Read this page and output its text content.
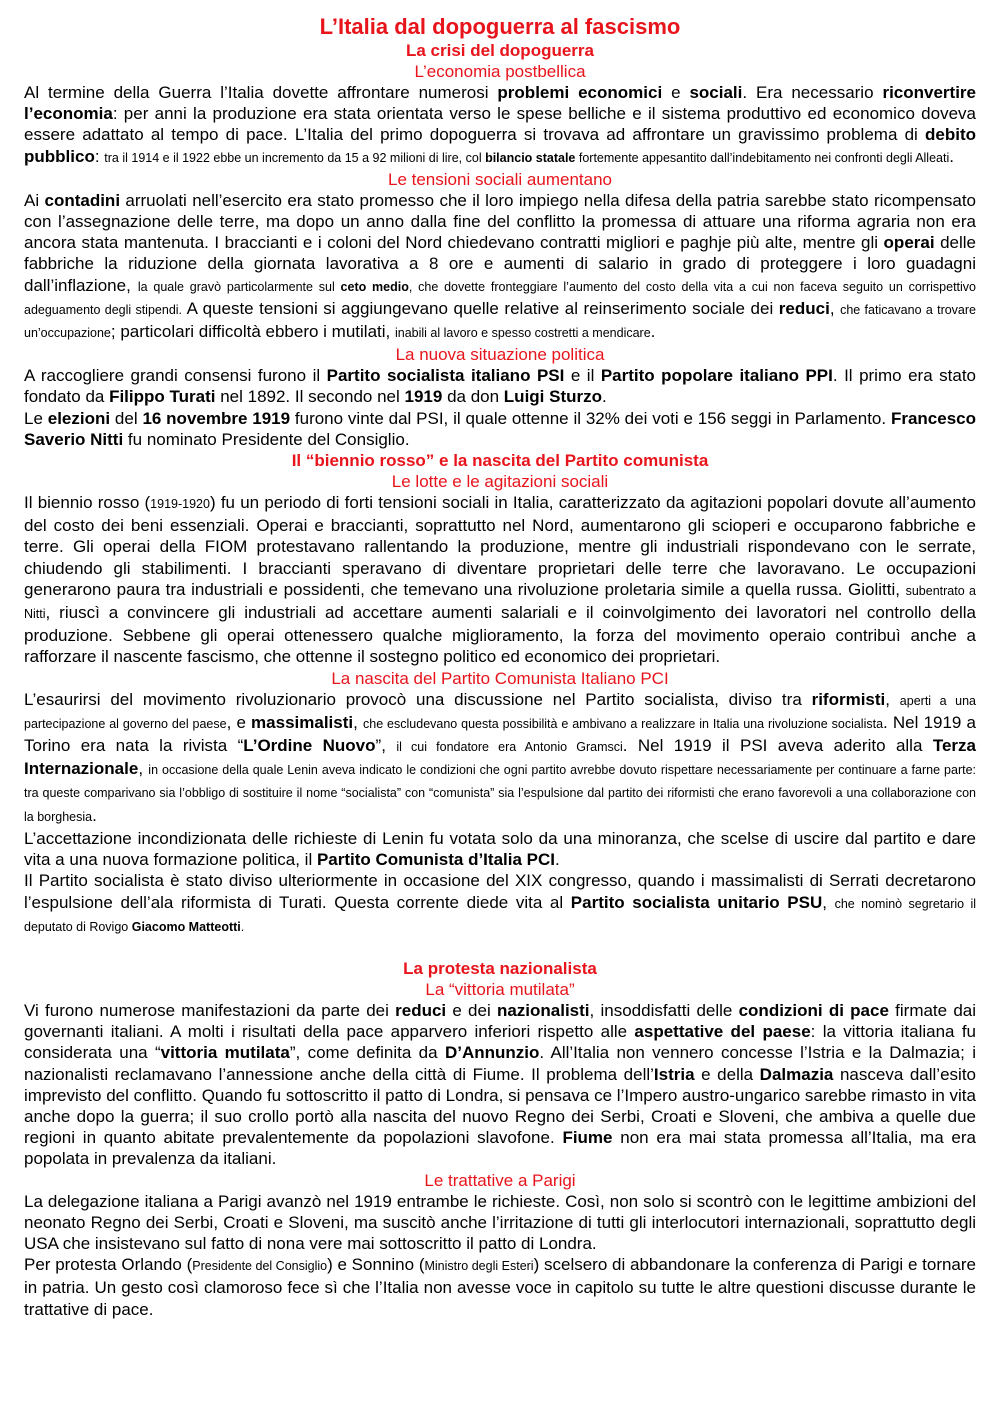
L’Italia dal dopoguerra al fascismo
La crisi del dopoguerra
L’economia postbellica

Al termine della Guerra l’Italia dovette affrontare numerosi problemi economici e sociali. Era necessario riconvertire l’economia: per anni la produzione era stata orientata verso le spese belliche e il sistema produttivo ed economico doveva essere adattato al tempo di pace. L’Italia del primo dopoguerra si trovava ad affrontare un gravissimo problema di debito pubblico: tra il 1914 e il 1922 ebbe un incremento da 15 a 92 milioni di lire, col bilancio statale fortemente appesantito dall’indebitamento nei confronti degli Alleati.

Le tensioni sociali aumentano

Ai contadini arruolati nell’esercito era stato promesso che il loro impiego nella difesa della patria sarebbe stato ricompensato con l’assegnazione delle terre, ma dopo un anno dalla fine del conflitto la promessa di attuare una riforma agraria non era ancora stata mantenuta. I braccianti e i coloni del Nord chiedevano contratti migliori e paghje più alte, mentre gli operai delle fabbriche la riduzione della giornata lavorativa a 8 ore e aumenti di salario in grado di proteggere i loro guadagni dall’inflazione, la quale gravò particolarmente sul ceto medio, che dovette fronteggiare l’aumento del costo della vita a cui non faceva seguito un corrispettivo adeguamento degli stipendi. A queste tensioni si aggiungevano quelle relative al reinserimento sociale dei reduci, che faticavano a trovare un’occupazione; particolari difficoltà ebbero i mutilati, inabili al lavoro e spesso costretti a mendicare.

La nuova situazione politica

A raccogliere grandi consensi furono il Partito socialista italiano PSI e il Partito popolare italiano PPI. Il primo era stato fondato da Filippo Turati nel 1892. Il secondo nel 1919 da don Luigi Sturzo.

Le elezioni del 16 novembre 1919 furono vinte dal PSI, il quale ottenne il 32% dei voti e 156 seggi in Parlamento. Francesco Saverio Nitti fu nominato Presidente del Consiglio.

Il “biennio rosso” e la nascita del Partito comunista
Le lotte e le agitazioni sociali

Il biennio rosso (1919-1920) fu un periodo di forti tensioni sociali in Italia, caratterizzato da agitazioni popolari dovute all’aumento del costo dei beni essenziali. Operai e braccianti, soprattutto nel Nord, aumentarono gli scioperi e occuparono fabbriche e terre. Gli operai della FIOM protestavano rallentando la produzione, mentre gli industriali rispondevano con le serrate, chiudendo gli stabilimenti. I braccianti speravano di diventare proprietari delle terre che lavoravano. Le occupazioni generarono paura tra industriali e possidenti, che temevano una rivoluzione proletaria simile a quella russa. Giolitti, subentrato a Nitti, riuscì a convincere gli industriali ad accettare aumenti salariali e il coinvolgimento dei lavoratori nel controllo della produzione. Sebbene gli operai ottenessero qualche miglioramento, la forza del movimento operaio contribuì anche a rafforzare il nascente fascismo, che ottenne il sostegno politico ed economico dei proprietari.

La nascita del Partito Comunista Italiano PCI

L’esaurirsi del movimento rivoluzionario provocò una discussione nel Partito socialista, diviso tra riformisti, aperti a una partecipazione al governo del paese, e massimalisti, che escludevano questa possibilità e ambivano a realizzare in Italia una rivoluzione socialista. Nel 1919 a Torino era nata la rivista “L’Ordine Nuovo”, il cui fondatore era Antonio Gramsci. Nel 1919 il PSI aveva aderito alla Terza Internazionale, in occasione della quale Lenin aveva indicato le condizioni che ogni partito avrebbe dovuto rispettare necessariamente per continuare a farne parte: tra queste comparivano sia l’obbligo di sostituire il nome “socialista” con “comunista” sia l’espulsione dal partito dei riformisti che erano favorevoli a una collaborazione con la borghesia.

L’accettazione incondizionata delle richieste di Lenin fu votata solo da una minoranza, che scelse di uscire dal partito e dare vita a una nuova formazione politica, il Partito Comunista d’Italia PCI.

Il Partito socialista è stato diviso ulteriormente in occasione del XIX congresso, quando i massimalisti di Serrati decretarono l’espulsione dell’ala riformista di Turati. Questa corrente diede vita al Partito socialista unitario PSU, che nominò segretario il deputato di Rovigo Giacomo Matteotti.

La protesta nazionalista
La “vittoria mutilata”

Vi furono numerose manifestazioni da parte dei reduci e dei nazionalisti, insoddisfatti delle condizioni di pace firmate dai governanti italiani. A molti i risultati della pace apparvero inferiori rispetto alle aspettative del paese: la vittoria italiana fu considerata una “vittoria mutilata”, come definita da D’Annunzio. All’Italia non vennero concesse l’Istria e la Dalmazia; i nazionalisti reclamavano l’annessione anche della città di Fiume. Il problema dell’Istria e della Dalmazia nasceva dall’esito imprevisto del conflitto. Quando fu sottoscritto il patto di Londra, si pensava ce l’Impero austro-ungarico sarebbe rimasto in vita anche dopo la guerra; il suo crollo portò alla nascita del nuovo Regno dei Serbi, Croati e Sloveni, che ambiva a quelle due regioni in quanto abitate prevalentemente da popolazioni slavofone. Fiume non era mai stata promessa all’Italia, ma era popolata in prevalenza da italiani.

Le trattative a Parigi

La delegazione italiana a Parigi avanzò nel 1919 entrambe le richieste. Così, non solo si scontrò con le legittime ambizioni del neonato Regno dei Serbi, Croati e Sloveni, ma suscitò anche l’irritazione di tutti gli interlocutori internazionali, soprattutto degli USA che insistevano sul fatto di nona vere mai sottoscritto il patto di Londra.

Per protesta Orlando (Presidente del Consiglio) e Sonnino (Ministro degli Esteri) scelsero di abbandonare la conferenza di Parigi e tornare in patria. Un gesto così clamoroso fece sì che l’Italia non avesse voce in capitolo su tutte le altre questioni discusse durante le trattative di pace.
